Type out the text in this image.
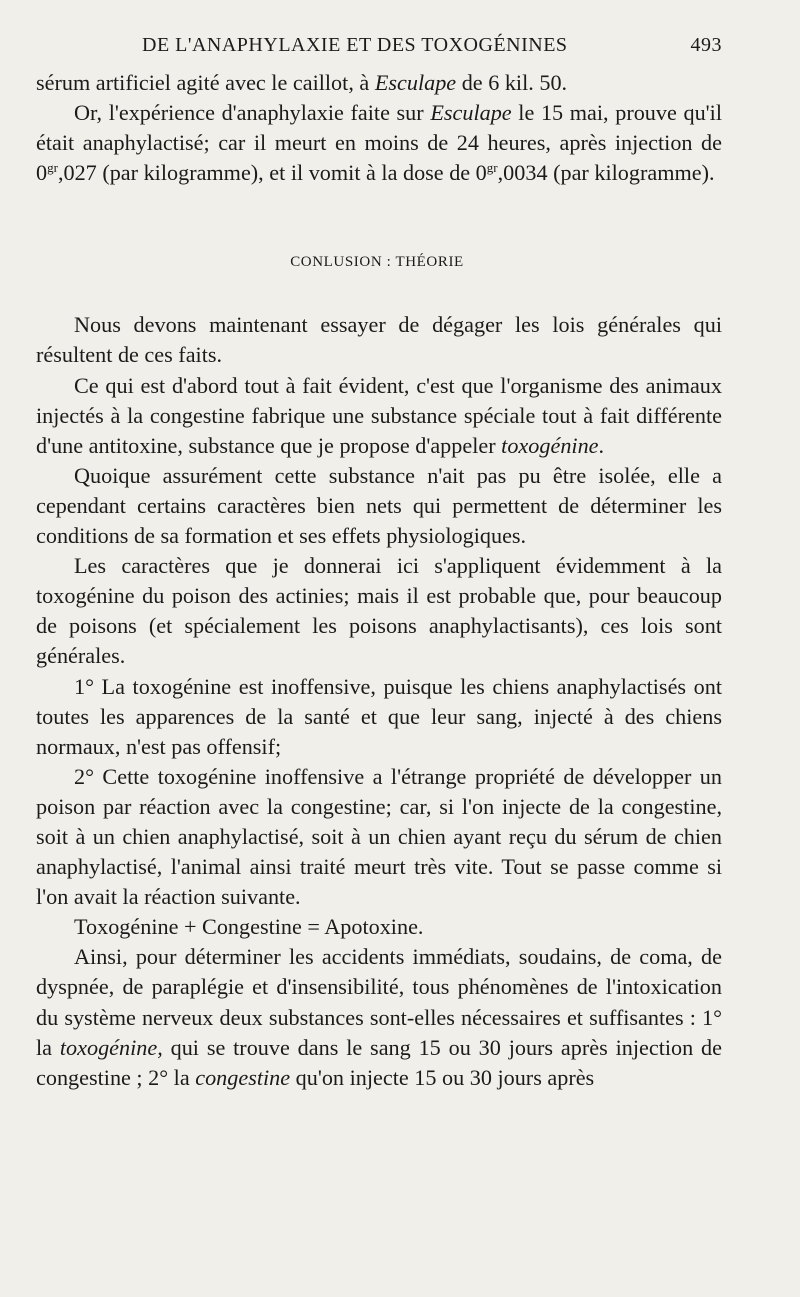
DE L'ANAPHYLAXIE ET DES TOXOGÉNINES	493

sérum artificiel agité avec le caillot, à Esculape de 6 kil. 50.

Or, l'expérience d'anaphylaxie faite sur Esculape le 15 mai, prouve qu'il était anaphylactisé; car il meurt en moins de 24 heures, après injection de $0^{gr},027$ (par kilogramme), et il vomit à la dose de $0^{gr},0034$ (par kilogramme).

CONLUSION : THÉORIE

Nous devons maintenant essayer de dégager les lois générales qui résultent de ces faits.

Ce qui est d'abord tout à fait évident, c'est que l'organisme des animaux injectés à la congestine fabrique une substance spéciale tout à fait différente d'une antitoxine, substance que je propose d'appeler toxogénine.

Quoique assurément cette substance n'ait pas pu être isolée, elle a cependant certains caractères bien nets qui permettent de déterminer les conditions de sa formation et ses effets physiologiques.

Les caractères que je donnerai ici s'appliquent évidemment à la toxogénine du poison des actinies; mais il est probable que, pour beaucoup de poisons (et spécialement les poisons anaphylactisants), ces lois sont générales.

1° La toxogénine est inoffensive, puisque les chiens anaphylactisés ont toutes les apparences de la santé et que leur sang, injecté à des chiens normaux, n'est pas offensif;

2° Cette toxogénine inoffensive a l'étrange propriété de développer un poison par réaction avec la congestine; car, si l'on injecte de la congestine, soit à un chien anaphylactisé, soit à un chien ayant reçu du sérum de chien anaphylactisé, l'animal ainsi traité meurt très vite. Tout se passe comme si l'on avait la réaction suivante.

Toxogénine + Congestine = Apotoxine.

Ainsi, pour déterminer les accidents immédiats, soudains, de coma, de dyspnée, de paraplégie et d'insensibilité, tous phénomènes de l'intoxication du système nerveux deux substances sont-elles nécessaires et suffisantes : 1° la toxogénine, qui se trouve dans le sang 15 ou 30 jours après injection de congestine ; 2° la congestine qu'on injecte 15 ou 30 jours après
